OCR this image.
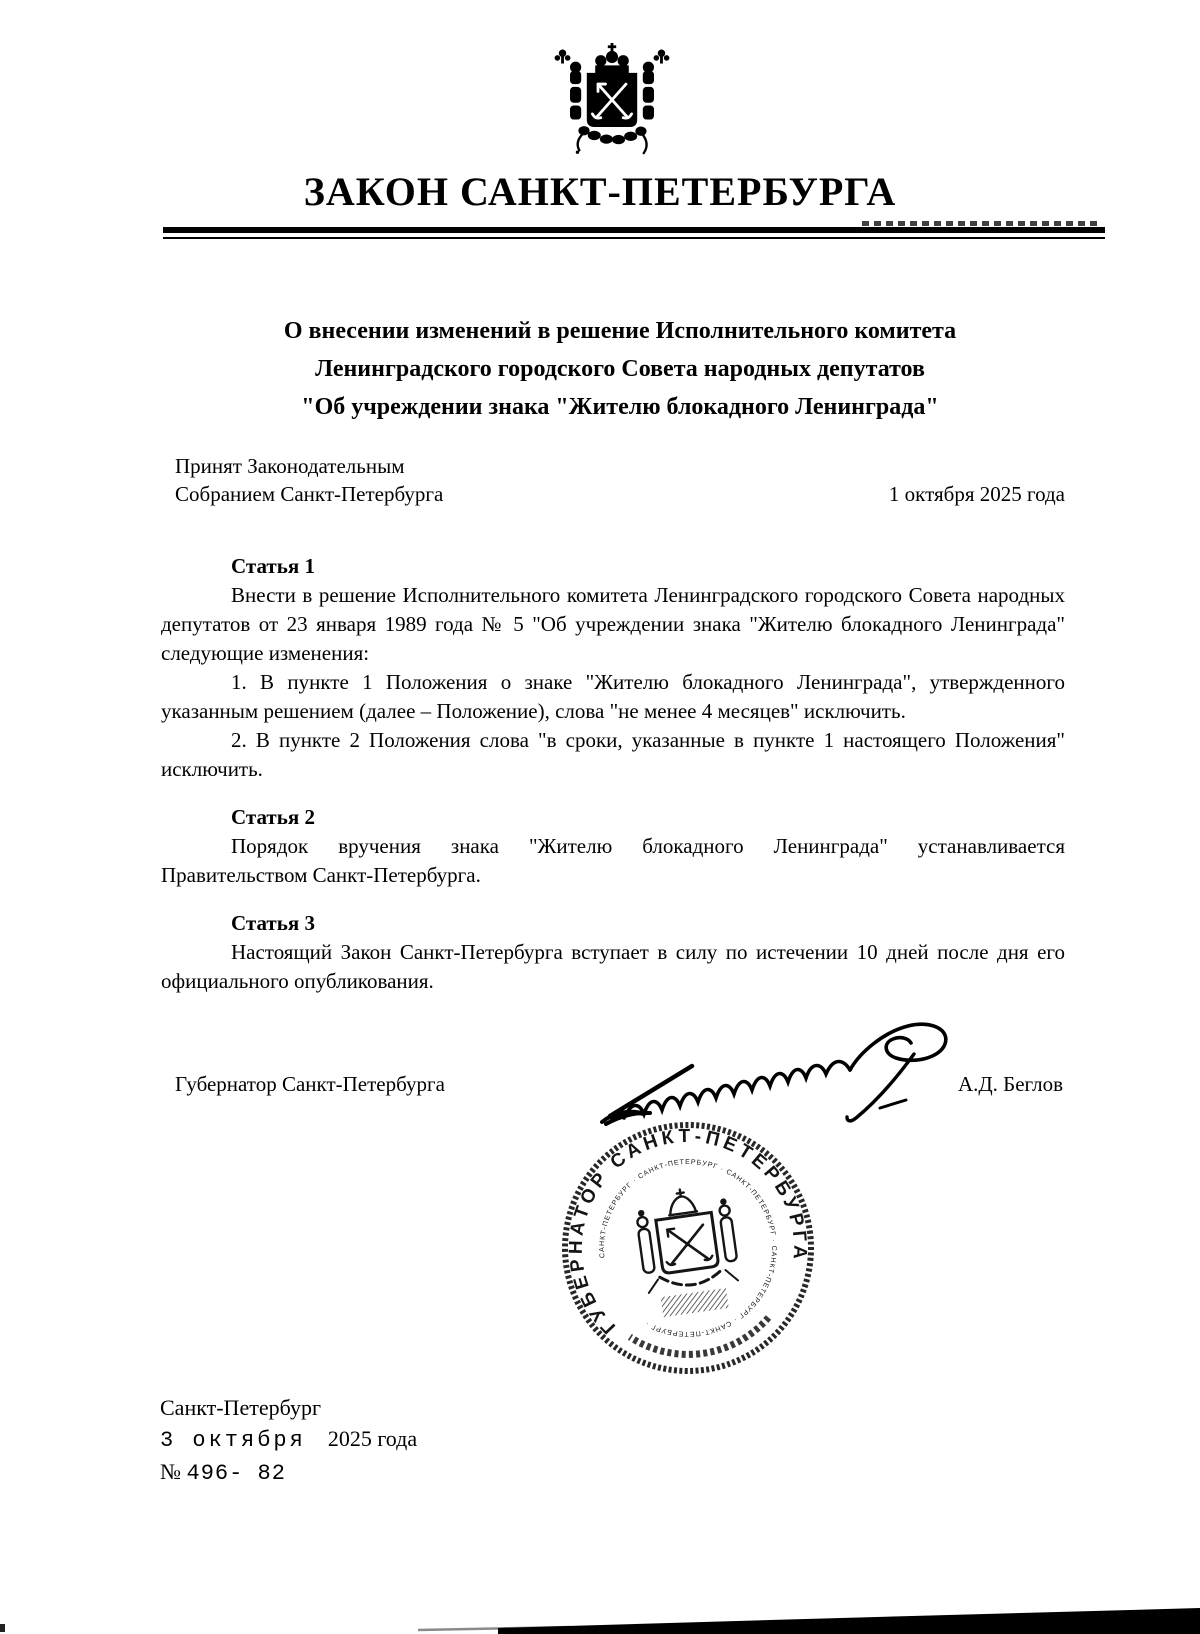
ЗАКОН САНКТ-ПЕТЕРБУРГА
О внесении изменений в решение Исполнительного комитета
Ленинградского городского Совета народных депутатов
"Об учреждении знака "Жителю блокадного Ленинграда"
Принят Законодательным
Собранием Санкт-Петербурга	1 октября 2025 года
Статья 1

Внести в решение Исполнительного комитета Ленинградского городского Совета народных депутатов от 23 января 1989 года № 5 "Об учреждении знака "Жителю блокадного Ленинграда" следующие изменения:

1. В пункте 1 Положения о знаке "Жителю блокадного Ленинграда", утвержденного указанным решением (далее – Положение), слова "не менее 4 месяцев" исключить.

2. В пункте 2 Положения слова "в сроки, указанные в пункте 1 настоящего Положения" исключить.

Статья 2

Порядок вручения знака "Жителю блокадного Ленинграда" устанавливается Правительством Санкт-Петербурга.

Статья 3

Настоящий Закон Санкт-Петербурга вступает в силу по истечении 10 дней после дня его официального опубликования.

ГУБЕРНАТОР САНКТ-ПЕТЕРБУРГА
САНКТ-ПЕТЕРБУРГ · САНКТ-ПЕТЕРБУРГ · САНКТ-ПЕТЕРБУРГ · САНКТ-ПЕТЕРБУРГ · САНКТ-ПЕТЕРБУРГ ·
Губернатор Санкт-Петербурга	А.Д. Беглов
Санкт-Петербург
3 октября 2025 года
№ 496- 82
